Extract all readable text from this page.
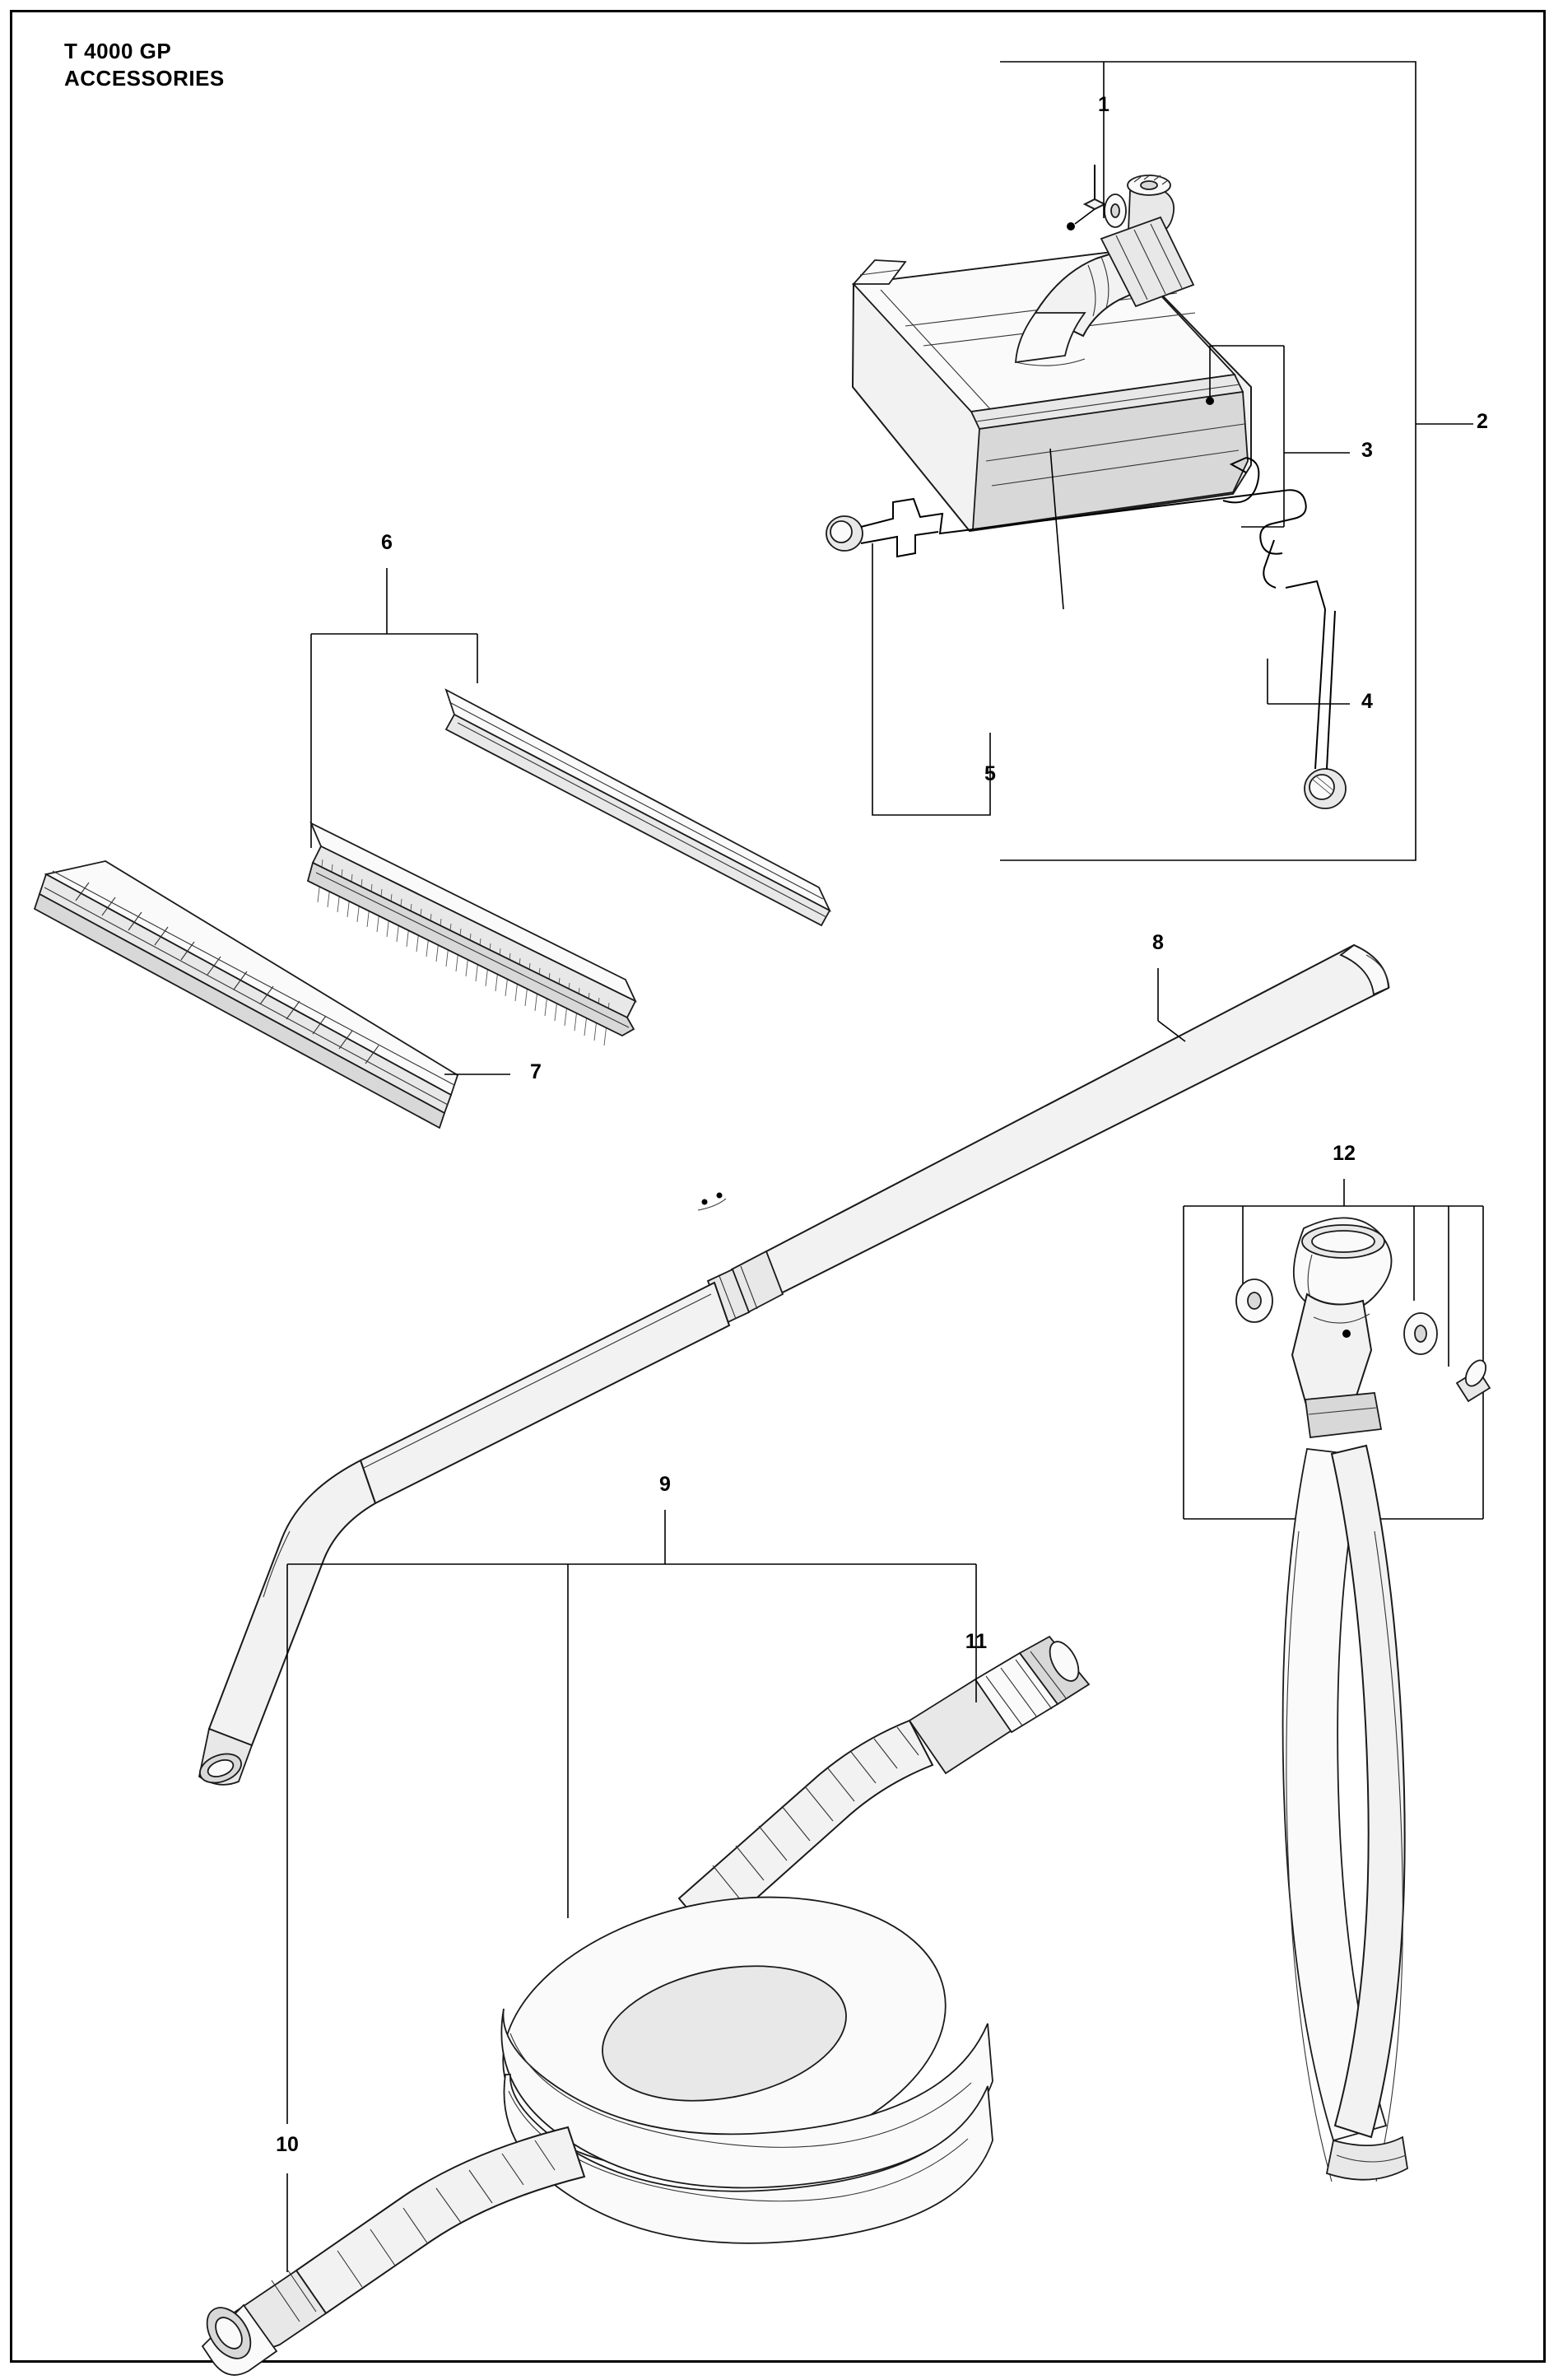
T 4000 GP
ACCESSORIES
1
2
3
4
5
6
7
8
9
10
11
12
